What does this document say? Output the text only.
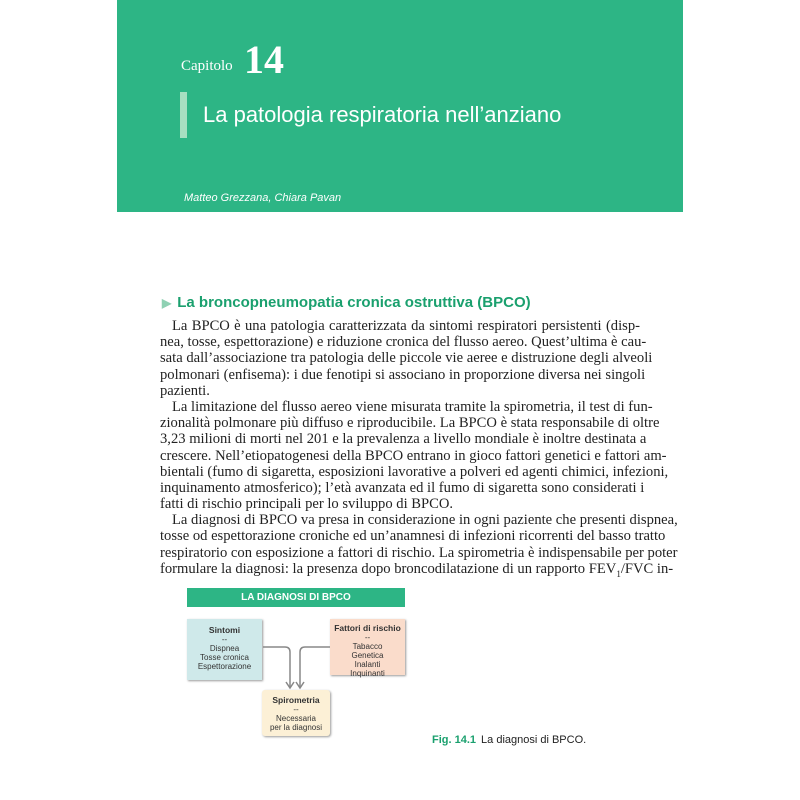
Capitolo 14
La patologia respiratoria nell’anziano
Matteo Grezzana, Chiara Pavan
▶ La broncopneumopatia cronica ostruttiva (BPCO)
La BPCO è una patologia caratterizzata da sintomi respiratori persistenti (disp-
nea, tosse, espettorazione) e riduzione cronica del flusso aereo. Quest’ultima è cau-
sata dall’associazione tra patologia delle piccole vie aeree e distruzione degli alveoli
polmonari (enfisema): i due fenotipi si associano in proporzione diversa nei singoli
pazienti.
La limitazione del flusso aereo viene misurata tramite la spirometria, il test di fun-
zionalità polmonare più diffuso e riproducibile. La BPCO è stata responsabile di oltre
3,23 milioni di morti nel 201 e la prevalenza a livello mondiale è inoltre destinata a
crescere. Nell’etiopatogenesi della BPCO entrano in gioco fattori genetici e fattori am-
bientali (fumo di sigaretta, esposizioni lavorative a polveri ed agenti chimici, infezioni,
inquinamento atmosferico); l’età avanzata ed il fumo di sigaretta sono considerati i
fatti di rischio principali per lo sviluppo di BPCO.
La diagnosi di BPCO va presa in considerazione in ogni paziente che presenti dispnea,
tosse od espettorazione croniche ed un’anamnesi di infezioni ricorrenti del basso tratto
respiratorio con esposizione a fattori di rischio. La spirometria è indispensabile per poter
formulare la diagnosi: la presenza dopo broncodilatazione di un rapporto $FEV_1$/FVC in-
LA DIAGNOSI DI BPCO
Sintomi
--
Dispnea
Tosse cronica
Espettorazione
Fattori di rischio
--
Tabacco
Genetica
Inalanti
Inquinanti
Spirometria
--
Necessaria
per la diagnosi
Fig. 14.1 La diagnosi di BPCO.
